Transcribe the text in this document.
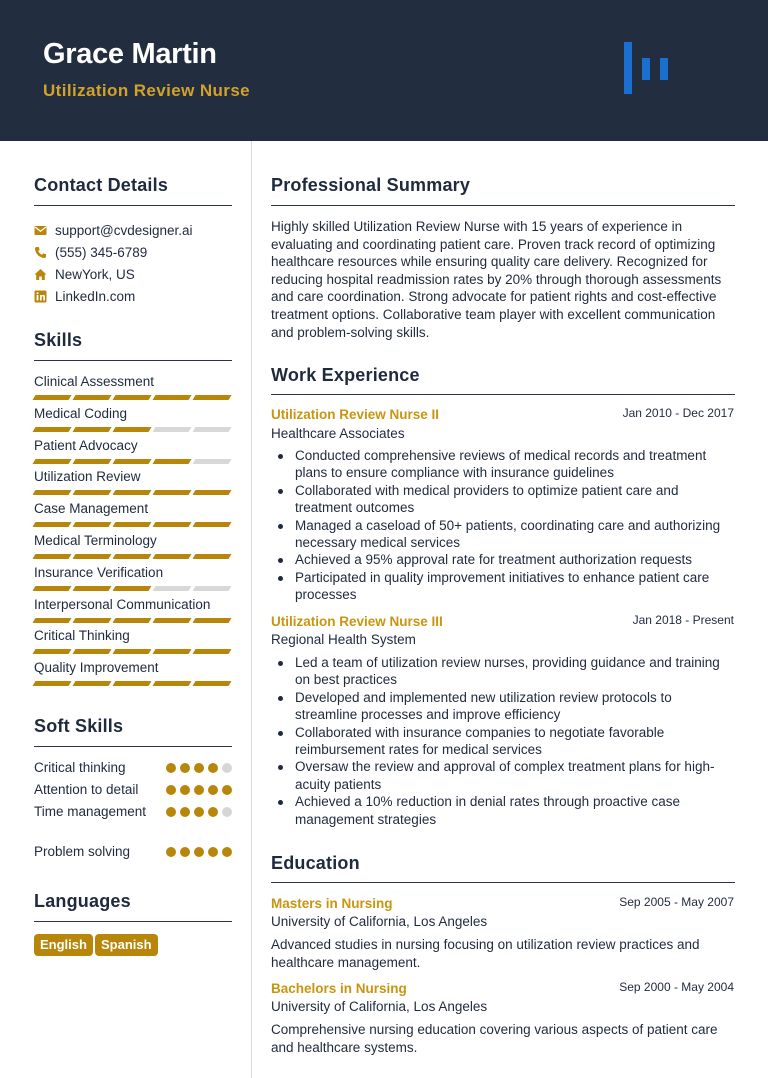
Grace Martin
Utilization Review Nurse
Contact Details
support@cvdesigner.ai
(555) 345-6789
NewYork, US
LinkedIn.com
Skills
Clinical Assessment
Medical Coding
Patient Advocacy
Utilization Review
Case Management
Medical Terminology
Insurance Verification
Interpersonal Communication
Critical Thinking
Quality Improvement
Soft Skills
Critical thinking
Attention to detail
Time management
Problem solving
Languages
English	Spanish
Professional Summary
Highly skilled Utilization Review Nurse with 15 years of experience in evaluating and coordinating patient care. Proven track record of optimizing healthcare resources while ensuring quality care delivery. Recognized for reducing hospital readmission rates by 20% through thorough assessments and care coordination. Strong advocate for patient rights and cost-effective treatment options. Collaborative team player with excellent communication and problem-solving skills.
Work Experience
Utilization Review Nurse II	Jan 2010 - Dec 2017
Healthcare Associates
Conducted comprehensive reviews of medical records and treatment plans to ensure compliance with insurance guidelines
Collaborated with medical providers to optimize patient care and treatment outcomes
Managed a caseload of 50+ patients, coordinating care and authorizing necessary medical services
Achieved a 95% approval rate for treatment authorization requests
Participated in quality improvement initiatives to enhance patient care processes
Utilization Review Nurse III	Jan 2018 - Present
Regional Health System
Led a team of utilization review nurses, providing guidance and training on best practices
Developed and implemented new utilization review protocols to streamline processes and improve efficiency
Collaborated with insurance companies to negotiate favorable reimbursement rates for medical services
Oversaw the review and approval of complex treatment plans for high-acuity patients
Achieved a 10% reduction in denial rates through proactive case management strategies
Education
Masters in Nursing	Sep 2005 - May 2007
University of California, Los Angeles
Advanced studies in nursing focusing on utilization review practices and healthcare management.
Bachelors in Nursing	Sep 2000 - May 2004
University of California, Los Angeles
Comprehensive nursing education covering various aspects of patient care and healthcare systems.
